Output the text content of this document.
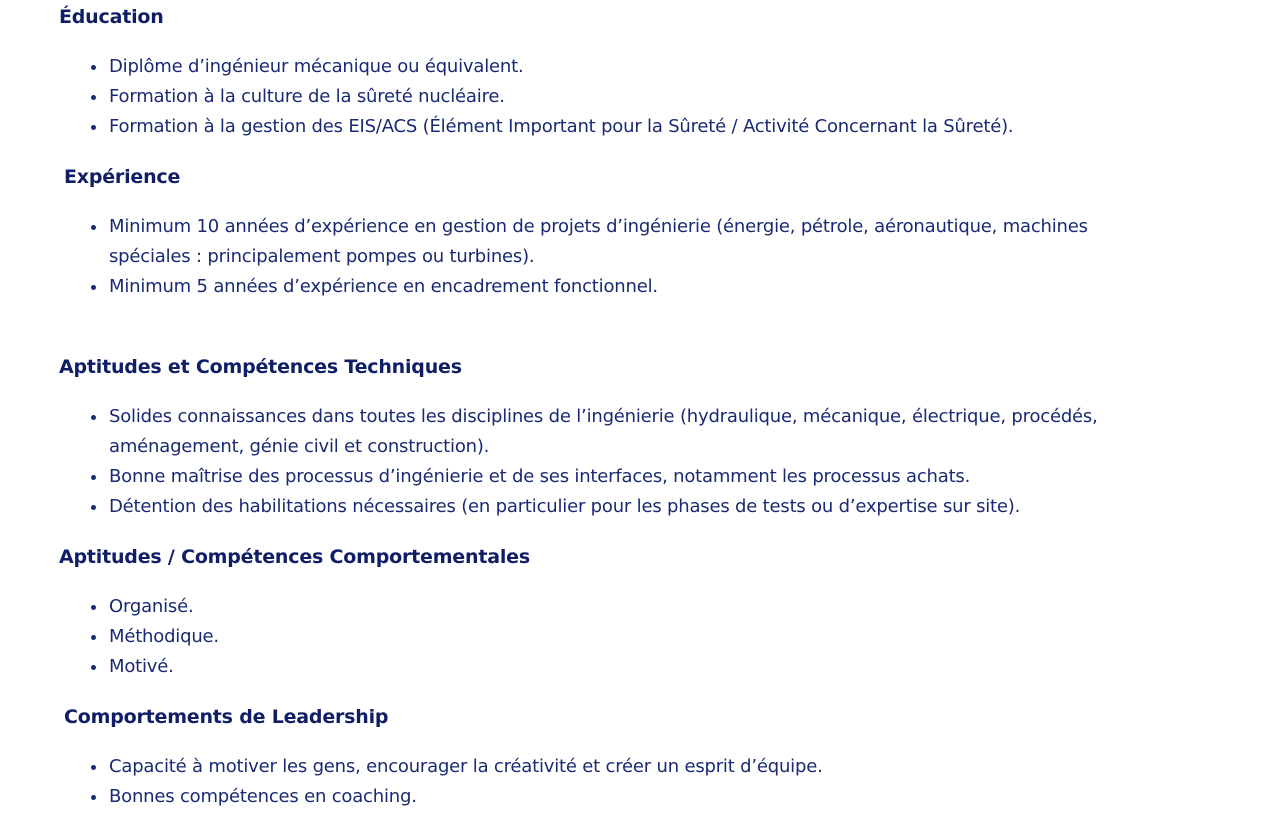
Éducation
Diplôme d’ingénieur mécanique ou équivalent.
Formation à la culture de la sûreté nucléaire.
Formation à la gestion des EIS/ACS (Élément Important pour la Sûreté / Activité Concernant la Sûreté).
Expérience
Minimum 10 années d’expérience en gestion de projets d’ingénierie (énergie, pétrole, aéronautique, machines spéciales : principalement pompes ou turbines).
Minimum 5 années d’expérience en encadrement fonctionnel.
Aptitudes et Compétences Techniques
Solides connaissances dans toutes les disciplines de l’ingénierie (hydraulique, mécanique, électrique, procédés, aménagement, génie civil et construction).
Bonne maîtrise des processus d’ingénierie et de ses interfaces, notamment les processus achats.
Détention des habilitations nécessaires (en particulier pour les phases de tests ou d’expertise sur site).
Aptitudes / Compétences Comportementales
Organisé.
Méthodique.
Motivé.
Comportements de Leadership
Capacité à motiver les gens, encourager la créativité et créer un esprit d’équipe.
Bonnes compétences en coaching.
